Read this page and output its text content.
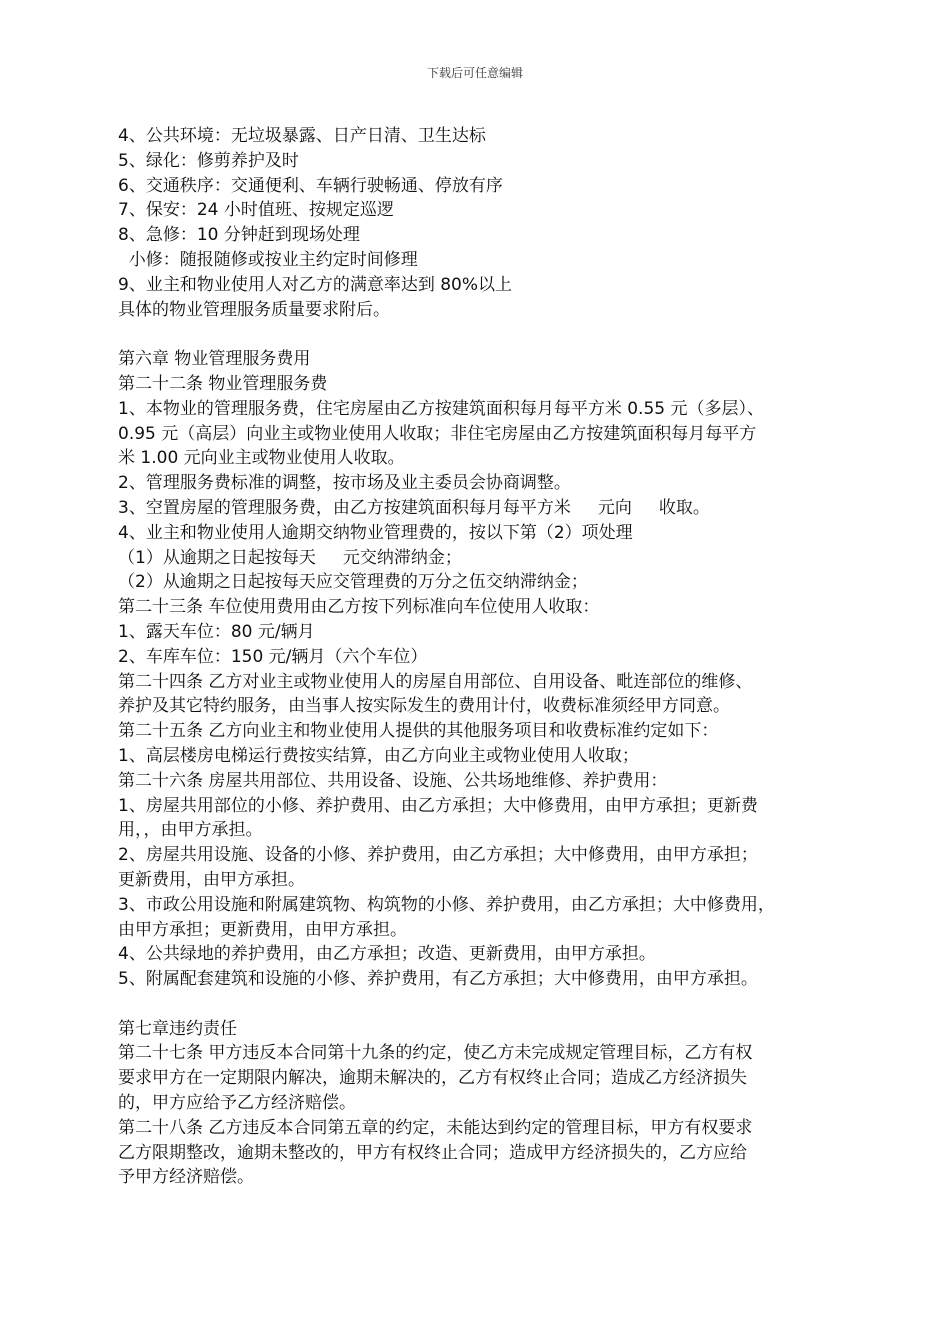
下载后可任意编辑
4、公共环境：无垃圾暴露、日产日清、卫生达标
5、绿化：修剪养护及时
6、交通秩序：交通便利、车辆行驶畅通、停放有序
7、保安：24 小时值班、按规定巡逻
8、急修：10 分钟赶到现场处理
小修：随报随修或按业主约定时间修理
9、业主和物业使用人对乙方的满意率达到 80%以上
具体的物业管理服务质量要求附后。
第六章 物业管理服务费用
第二十二条 物业管理服务费
1、本物业的管理服务费，住宅房屋由乙方按建筑面积每月每平方米 0.55 元（多层）、
0.95 元（高层）向业主或物业使用人收取；非住宅房屋由乙方按建筑面积每月每平方
米 1.00 元向业主或物业使用人收取。
2、管理服务费标准的调整，按市场及业主委员会协商调整。
3、空置房屋的管理服务费，由乙方按建筑面积每月每平方米     元向     收取。
4、业主和物业使用人逾期交纳物业管理费的，按以下第（2）项处理
（1）从逾期之日起按每天     元交纳滞纳金；
（2）从逾期之日起按每天应交管理费的万分之伍交纳滞纳金；
第二十三条 车位使用费用由乙方按下列标准向车位使用人收取：
1、露天车位：80 元/辆月
2、车库车位：150 元/辆月（六个车位）
第二十四条 乙方对业主或物业使用人的房屋自用部位、自用设备、毗连部位的维修、
养护及其它特约服务，由当事人按实际发生的费用计付，收费标准须经甲方同意。
第二十五条 乙方向业主和物业使用人提供的其他服务项目和收费标准约定如下：
1、高层楼房电梯运行费按实结算，由乙方向业主或物业使用人收取；
第二十六条 房屋共用部位、共用设备、设施、公共场地维修、养护费用：
1、房屋共用部位的小修、养护费用、由乙方承担；大中修费用，由甲方承担；更新费
用，，由甲方承担。
2、房屋共用设施、设备的小修、养护费用，由乙方承担；大中修费用，由甲方承担；
更新费用，由甲方承担。
3、市政公用设施和附属建筑物、构筑物的小修、养护费用，由乙方承担；大中修费用，
由甲方承担；更新费用，由甲方承担。
4、公共绿地的养护费用，由乙方承担；改造、更新费用，由甲方承担。
5、附属配套建筑和设施的小修、养护费用，有乙方承担；大中修费用，由甲方承担。
第七章违约责任
第二十七条 甲方违反本合同第十九条的约定，使乙方未完成规定管理目标，乙方有权
要求甲方在一定期限内解决，逾期未解决的，乙方有权终止合同；造成乙方经济损失
的，甲方应给予乙方经济赔偿。
第二十八条 乙方违反本合同第五章的约定，未能达到约定的管理目标，甲方有权要求
乙方限期整改，逾期未整改的，甲方有权终止合同；造成甲方经济损失的，乙方应给
予甲方经济赔偿。
